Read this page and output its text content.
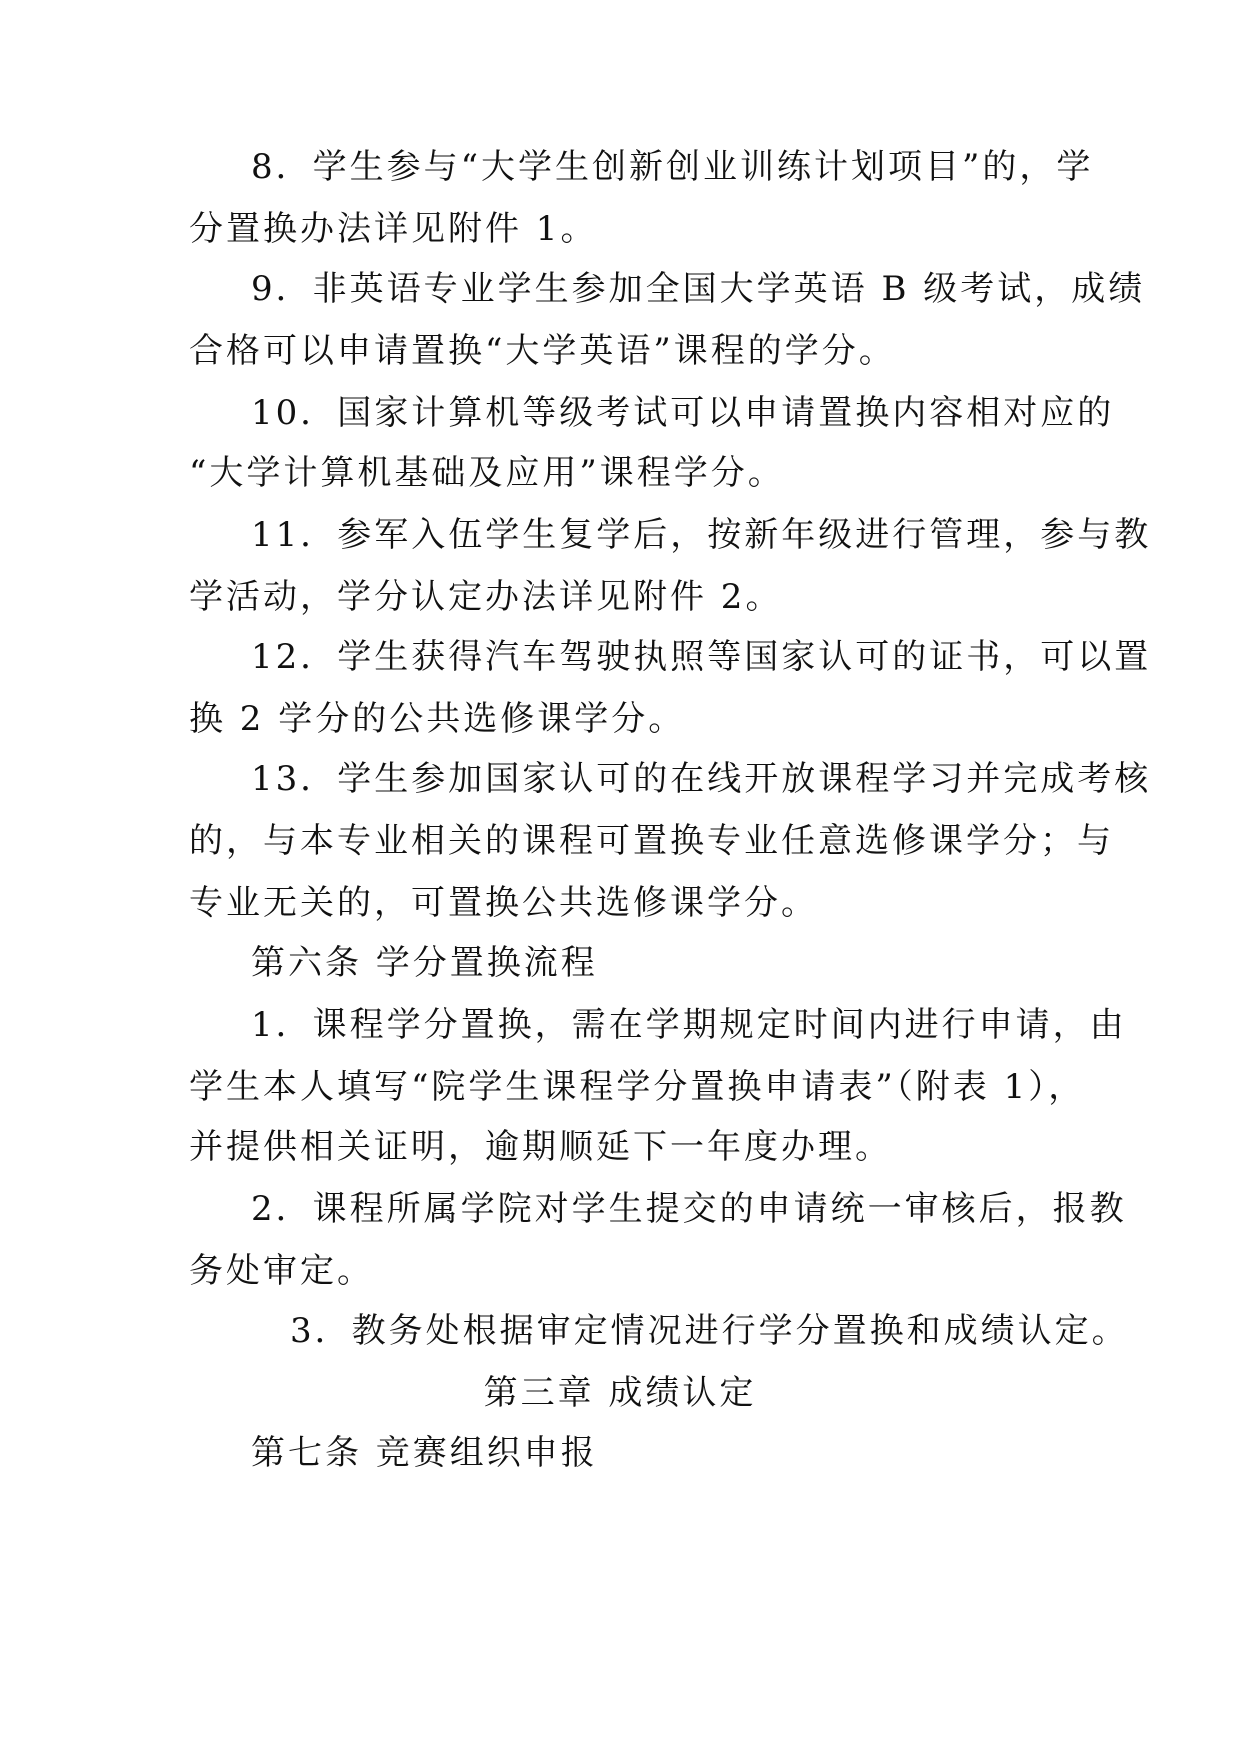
8．学生参与“大学生创新创业训练计划项目”的，学
分置换办法详见附件 1。
9．非英语专业学生参加全国大学英语 B 级考试，成绩
合格可以申请置换“大学英语”课程的学分。
10．国家计算机等级考试可以申请置换内容相对应的
“大学计算机基础及应用”课程学分。
11．参军入伍学生复学后，按新年级进行管理，参与教
学活动，学分认定办法详见附件 2。
12．学生获得汽车驾驶执照等国家认可的证书，可以置
换 2 学分的公共选修课学分。
13．学生参加国家认可的在线开放课程学习并完成考核
的，与本专业相关的课程可置换专业任意选修课学分；与
专业无关的，可置换公共选修课学分。
第六条 学分置换流程
1．课程学分置换，需在学期规定时间内进行申请，由
学生本人填写“院学生课程学分置换申请表”（附表 1），
并提供相关证明，逾期顺延下一年度办理。
2．课程所属学院对学生提交的申请统一审核后，报教
务处审定。
3．教务处根据审定情况进行学分置换和成绩认定。
第三章 成绩认定
第七条 竞赛组织申报
